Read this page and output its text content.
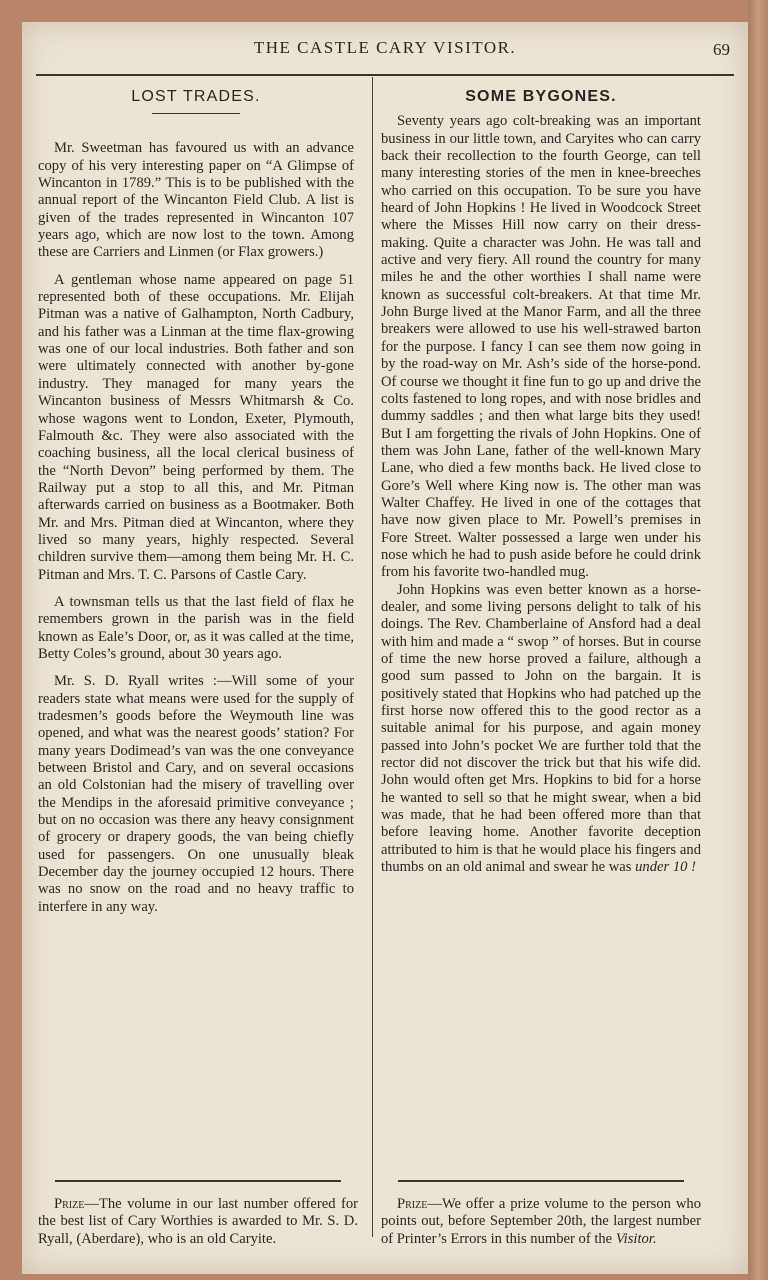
THE CASTLE CARY VISITOR.	69
LOST TRADES.

Mr. Sweetman has favoured us with an advance copy of his very interesting paper on “A Glimpse of Wincanton in 1789.” This is to be published with the annual report of the Wincanton Field Club. A list is given of the trades represented in Wincanton 107 years ago, which are now lost to the town. Among these are Carriers and Linmen (or Flax growers.)

A gentleman whose name appeared on page 51 represented both of these occupations. Mr. Elijah Pitman was a native of Galhampton, North Cadbury, and his father was a Linman at the time flax-growing was one of our local industries. Both father and son were ultimately connected with another by-gone industry. They managed for many years the Wincanton business of Messrs Whitmarsh & Co. whose wagons went to London, Exeter, Plymouth, Falmouth &c. They were also associated with the coaching business, all the local clerical business of the “North Devon” being performed by them. The Railway put a stop to all this, and Mr. Pitman afterwards carried on business as a Bootmaker. Both Mr. and Mrs. Pitman died at Wincanton, where they lived so many years, highly respected. Several children survive them—among them being Mr. H. C. Pitman and Mrs. T. C. Parsons of Castle Cary.

A townsman tells us that the last field of flax he remembers grown in the parish was in the field known as Eale’s Door, or, as it was called at the time, Betty Coles’s ground, about 30 years ago.

Mr. S. D. Ryall writes :—Will some of your readers state what means were used for the supply of tradesmen’s goods before the Weymouth line was opened, and what was the nearest goods’ station? For many years Dodimead’s van was the one conveyance between Bristol and Cary, and on several occasions an old Colstonian had the misery of travelling over the Mendips in the aforesaid primitive conveyance ; but on no occasion was there any heavy consignment of grocery or drapery goods, the van being chiefly used for passengers. On one unusually bleak December day the journey occupied 12 hours. There was no snow on the road and no heavy traffic to interfere in any way.

SOME BYGONES.

Seventy years ago colt-breaking was an important business in our little town, and Caryites who can carry back their recollection to the fourth George, can tell many interesting stories of the men in knee-breeches who carried on this occupation. To be sure you have heard of John Hopkins ! He lived in Woodcock Street where the Misses Hill now carry on their dress-making. Quite a character was John. He was tall and active and very fiery. All round the country for many miles he and the other worthies I shall name were known as successful colt-breakers. At that time Mr. John Burge lived at the Manor Farm, and all the three breakers were allowed to use his well-strawed barton for the purpose. I fancy I can see them now going in by the road-way on Mr. Ash’s side of the horse-pond. Of course we thought it fine fun to go up and drive the colts fastened to long ropes, and with nose bridles and dummy saddles ; and then what large bits they used! But I am forgetting the rivals of John Hopkins. One of them was John Lane, father of the well-known Mary Lane, who died a few months back. He lived close to Gore’s Well where King now is. The other man was Walter Chaffey. He lived in one of the cottages that have now given place to Mr. Powell’s premises in Fore Street. Walter possessed a large wen under his nose which he had to push aside before he could drink from his favorite two-handled mug.

John Hopkins was even better known as a horse-dealer, and some living persons delight to talk of his doings. The Rev. Chamberlaine of Ansford had a deal with him and made a “ swop ” of horses. But in course of time the new horse proved a failure, although a good sum passed to John on the bargain. It is positively stated that Hopkins who had patched up the first horse now offered this to the good rector as a suitable animal for his purpose, and again money passed into John’s pocket We are further told that the rector did not discover the trick but that his wife did. John would often get Mrs. Hopkins to bid for a horse he wanted to sell so that he might swear, when a bid was made, that he had been offered more than that before leaving home. Another favorite deception attributed to him is that he would place his fingers and thumbs on an old animal and swear he was under 10 !

Prize—The volume in our last number offered for the best list of Cary Worthies is awarded to Mr. S. D. Ryall, (Aberdare), who is an old Caryite.

Prize—We offer a prize volume to the person who points out, before September 20th, the largest number of Printer’s Errors in this number of the Visitor.
